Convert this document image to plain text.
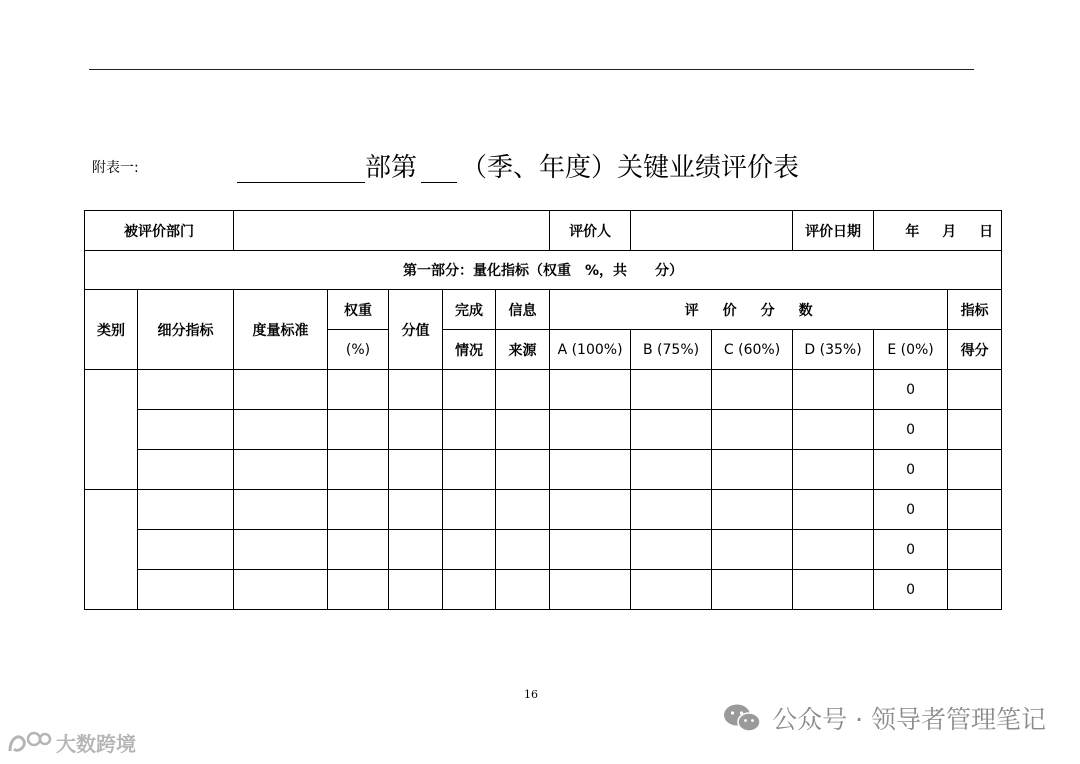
附表一:	部第 （季、年度）关键业绩评价表
被评价部门							评价人			评价日期	年 月 日	
第一部分：量化指标（权重　%，共　　分）												
类别	细分指标	度量标准	权重	分值	完成	信息	评 价 分 数					指标
			(%)		情况	来源	A (100%)	B (75%)	C (60%)	D (35%)	E (0%)	得分
											0	
											0	
											0	
											0	
											0	
											0	
16
公众号 · 领导者管理笔记
大数跨境
